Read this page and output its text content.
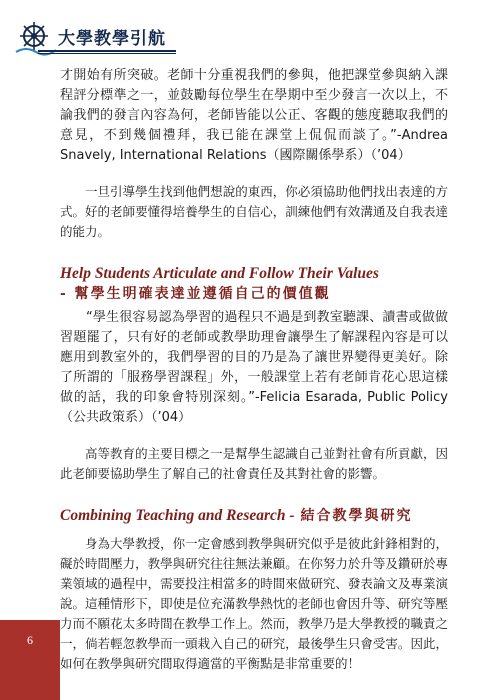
大學教學引航

才開始有所突破。老師十分重視我們的參與，他把課堂參與納入課程評分標準之一，並鼓勵每位學生在學期中至少發言一次以上，不論我們的發言內容為何，老師皆能以公正、客觀的態度聽取我們的意見，不到幾個禮拜，我已能在課堂上侃侃而談了。”-Andrea Snavely, International Relations（國際關係學系）（’04）

一旦引導學生找到他們想說的東西，你必須協助他們找出表達的方式。好的老師要懂得培養學生的自信心，訓練他們有效溝通及自我表達的能力。

Help Students Articulate and Follow Their Values
- 幫學生明確表達並遵循自己的價值觀

“學生很容易認為學習的過程只不過是到教室聽課、讀書或做做習題罷了，只有好的老師或教學助理會讓學生了解課程內容是可以應用到教室外的，我們學習的目的乃是為了讓世界變得更美好。除了所謂的「服務學習課程」外，一般課堂上若有老師肯花心思這樣做的話，我的印象會特別深刻。”-Felicia Esarada, Public Policy（公共政策系）（’04）

高等教育的主要目標之一是幫學生認識自己並對社會有所貢獻，因此老師要協助學生了解自己的社會責任及其對社會的影響。

Combining Teaching and Research - 結合教學與研究

身為大學教授，你一定會感到教學與研究似乎是彼此針鋒相對的，礙於時間壓力，教學與研究往往無法兼顧。在你努力於升等及鑽研於專業領域的過程中，需要投注相當多的時間來做研究、發表論文及專業演說。這種情形下，即使是位充滿教學熱忱的老師也會因升等、研究等壓力而不願花太多時間在教學工作上。然而，教學乃是大學教授的職責之一，倘若輕忽教學而一頭栽入自己的研究，最後學生只會受害。因此，如何在教學與研究間取得適當的平衡點是非常重要的！

6
